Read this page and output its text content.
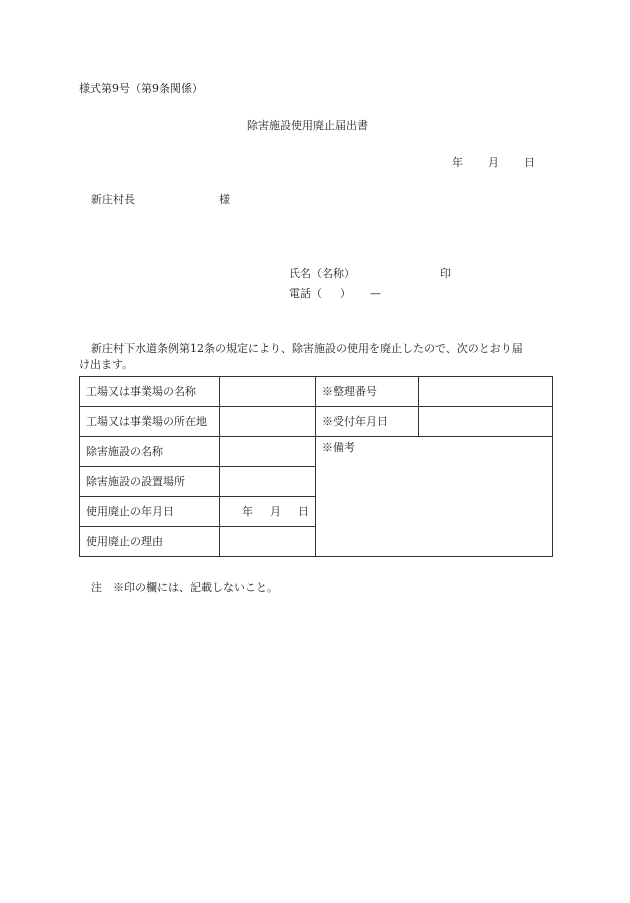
様式第9号（第9条関係）
除害施設使用廃止届出書
年 月 日
新庄村長	様
氏名（名称）	印
電話（ ） —
新庄村下水道条例第12条の規定により、除害施設の使用を廃止したので、次のとおり届
け出ます。
工場又は事業場の名称		※整理番号	
工場又は事業場の所在地		※受付年月日	
除害施設の名称		※備考	
除害施設の設置場所			
使用廃止の年月日	年 月 日		
使用廃止の理由			
注　※印の欄には、記載しないこと。
